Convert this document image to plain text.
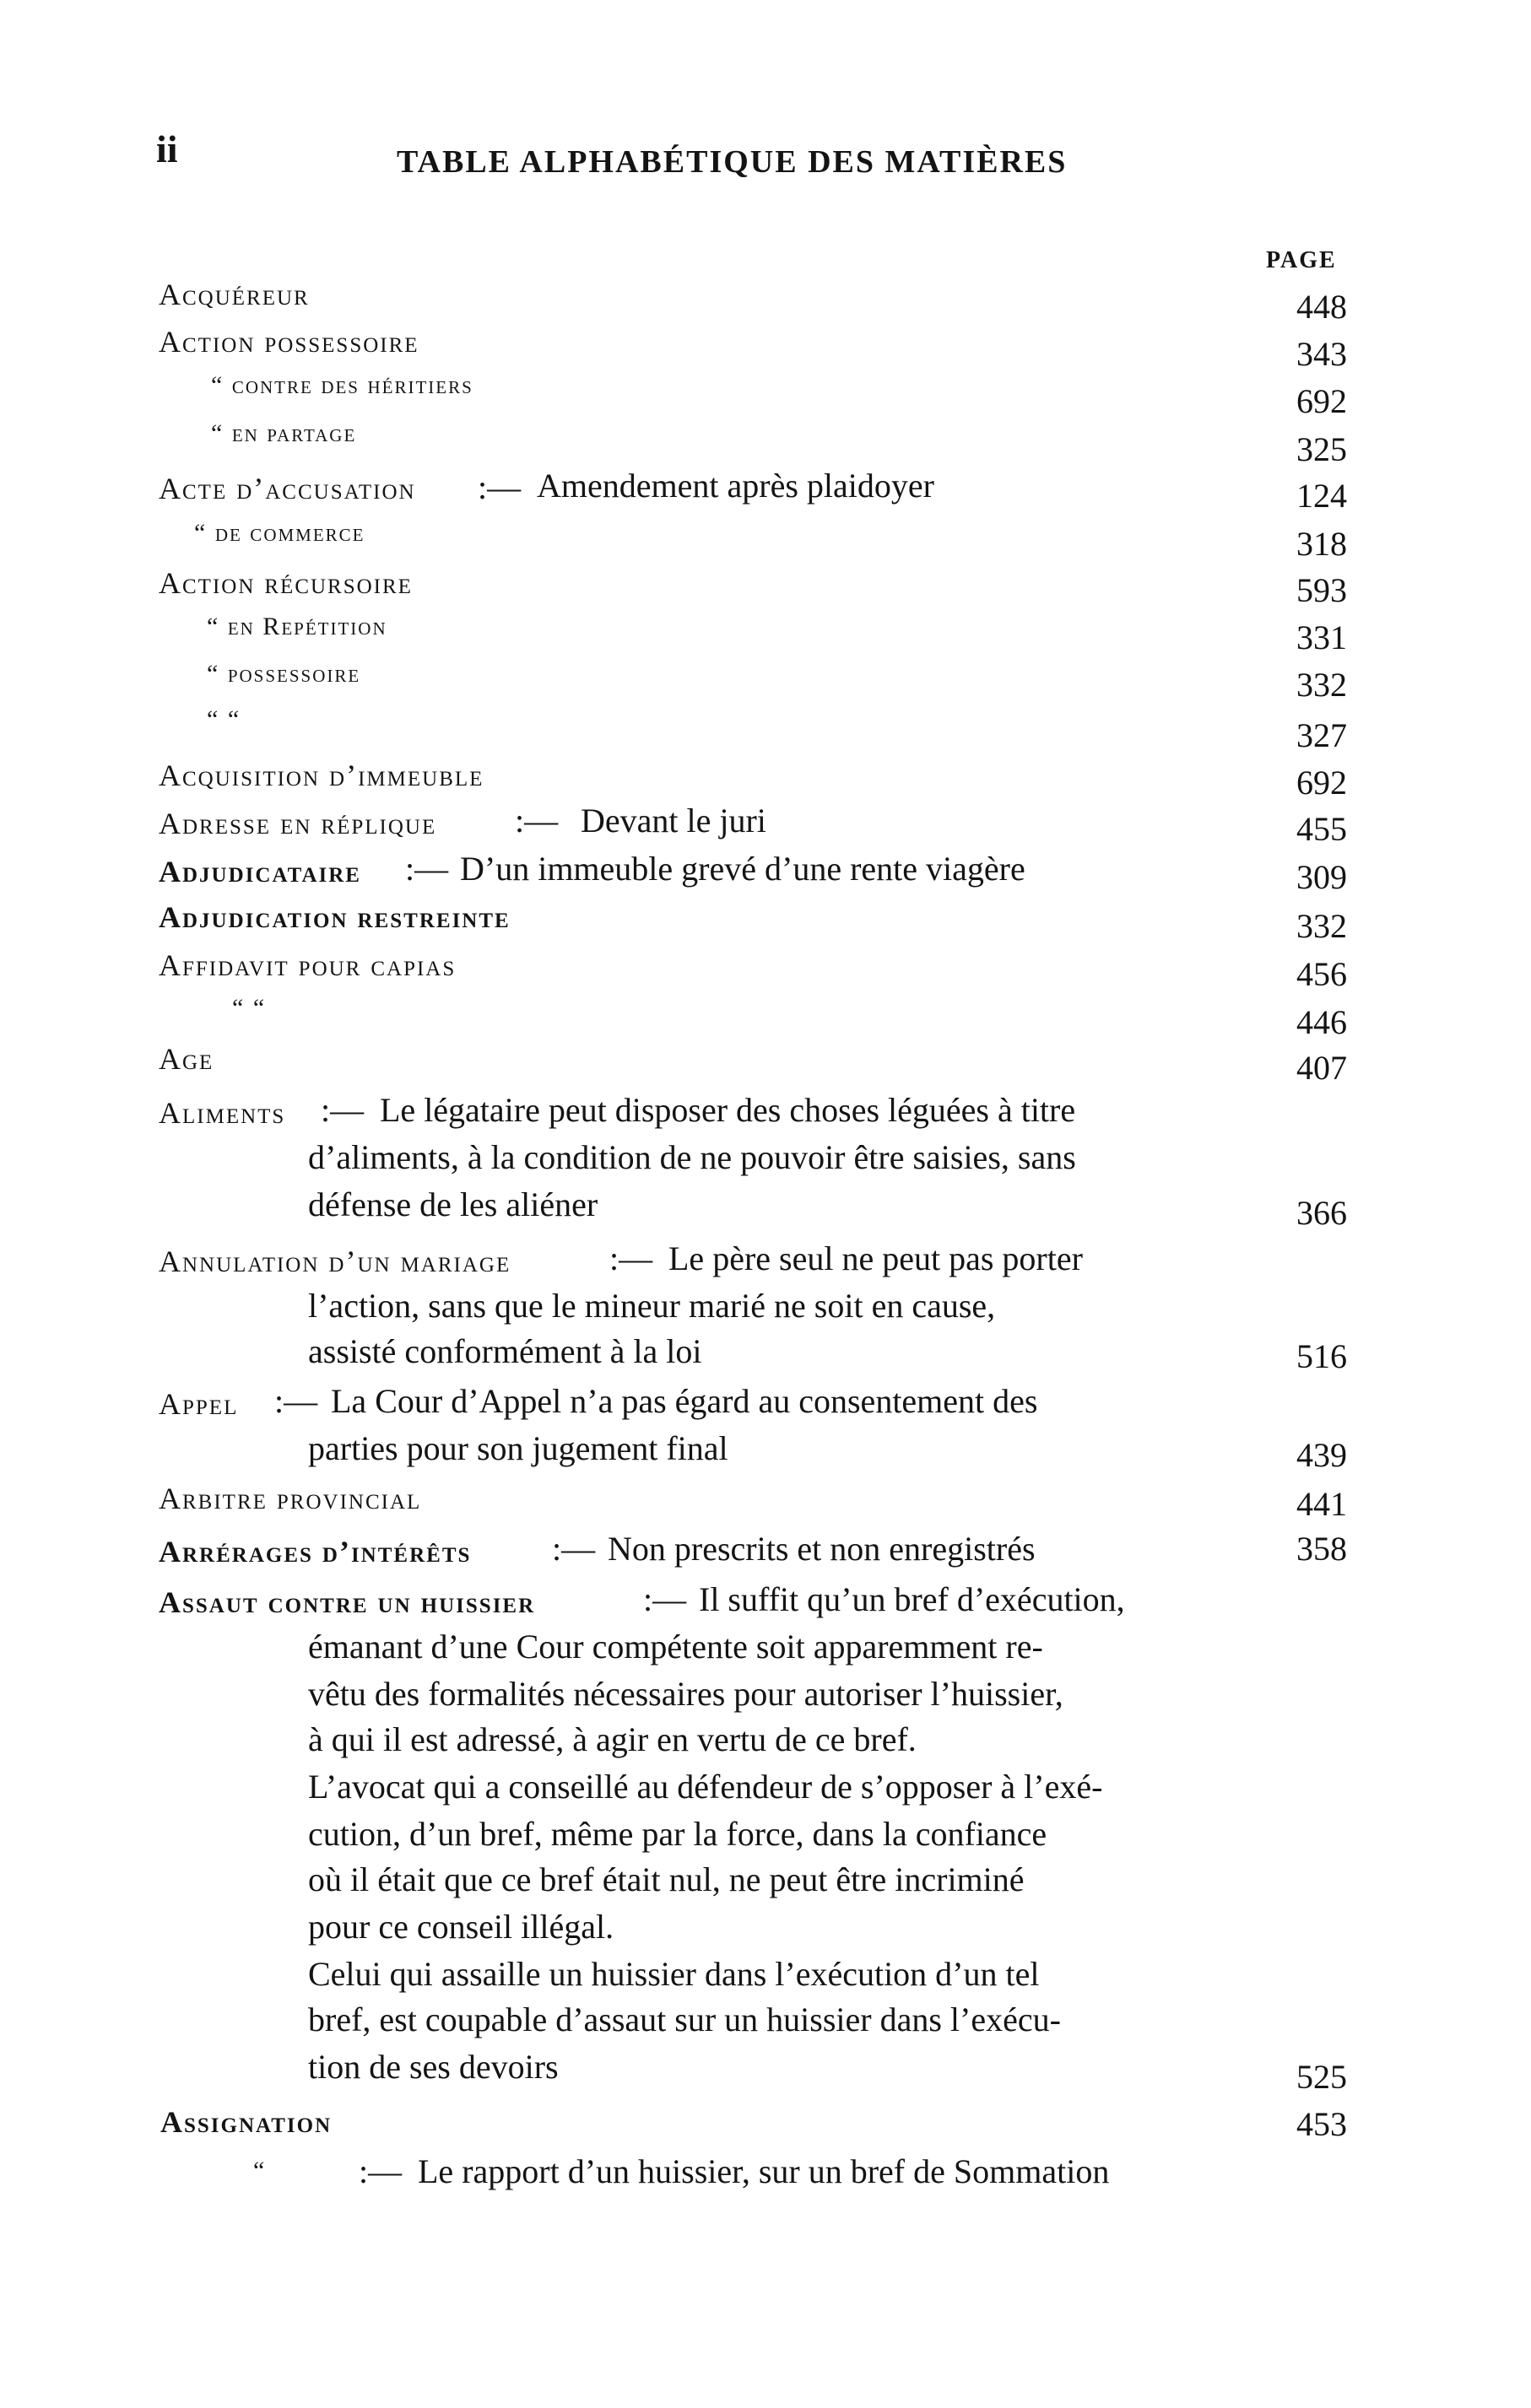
ii	TABLE ALPHABÉTIQUE DES MATIÈRES
PAGE
Acquéreur	448
Action possessoire	343
“ contre des héritiers	692
“ en partage	325
Acte d’accusation :— Amendement après plaidoyer	124
“ de commerce	318
Action récursoire	593
“ en Repétition	331
“ possessoire	332
“ “	327
Acquisition d’immeuble	692
Adresse en réplique :— Devant le juri	455
Adjudicataire :— D’un immeuble grevé d’une rente viagère	309
Adjudication restreinte	332
Affidavit pour capias	456
“ “	446
Age	407
Aliments :— Le légataire peut disposer des choses léguées à titre
d’aliments, à la condition de ne pouvoir être saisies, sans
défense de les aliéner	366
Annulation d’un mariage	:— Le père seul ne peut pas porter
l’action, sans que le mineur marié ne soit en cause,
assisté conformément à la loi	516
Appel :— La Cour d’Appel n’a pas égard au consentement des
parties pour son jugement final	439
Arbitre provincial	441
Arrérages d’intérêts :— Non prescrits et non enregistrés	358
Assaut contre un huissier	:— Il suffit qu’un bref d’exécution,
émanant d’une Cour compétente soit apparemment re-
vêtu des formalités nécessaires pour autoriser l’huissier,
à qui il est adressé, à agir en vertu de ce bref.
L’avocat qui a conseillé au défendeur de s’opposer à l’exé-
cution, d’un bref, même par la force, dans la confiance
où il était que ce bref était nul, ne peut être incriminé
pour ce conseil illégal.
Celui qui assaille un huissier dans l’exécution d’un tel
bref, est coupable d’assaut sur un huissier dans l’exécu-
tion de ses devoirs	525
Assignation	453
“	:— Le rapport d’un huissier, sur un bref de Sommation
